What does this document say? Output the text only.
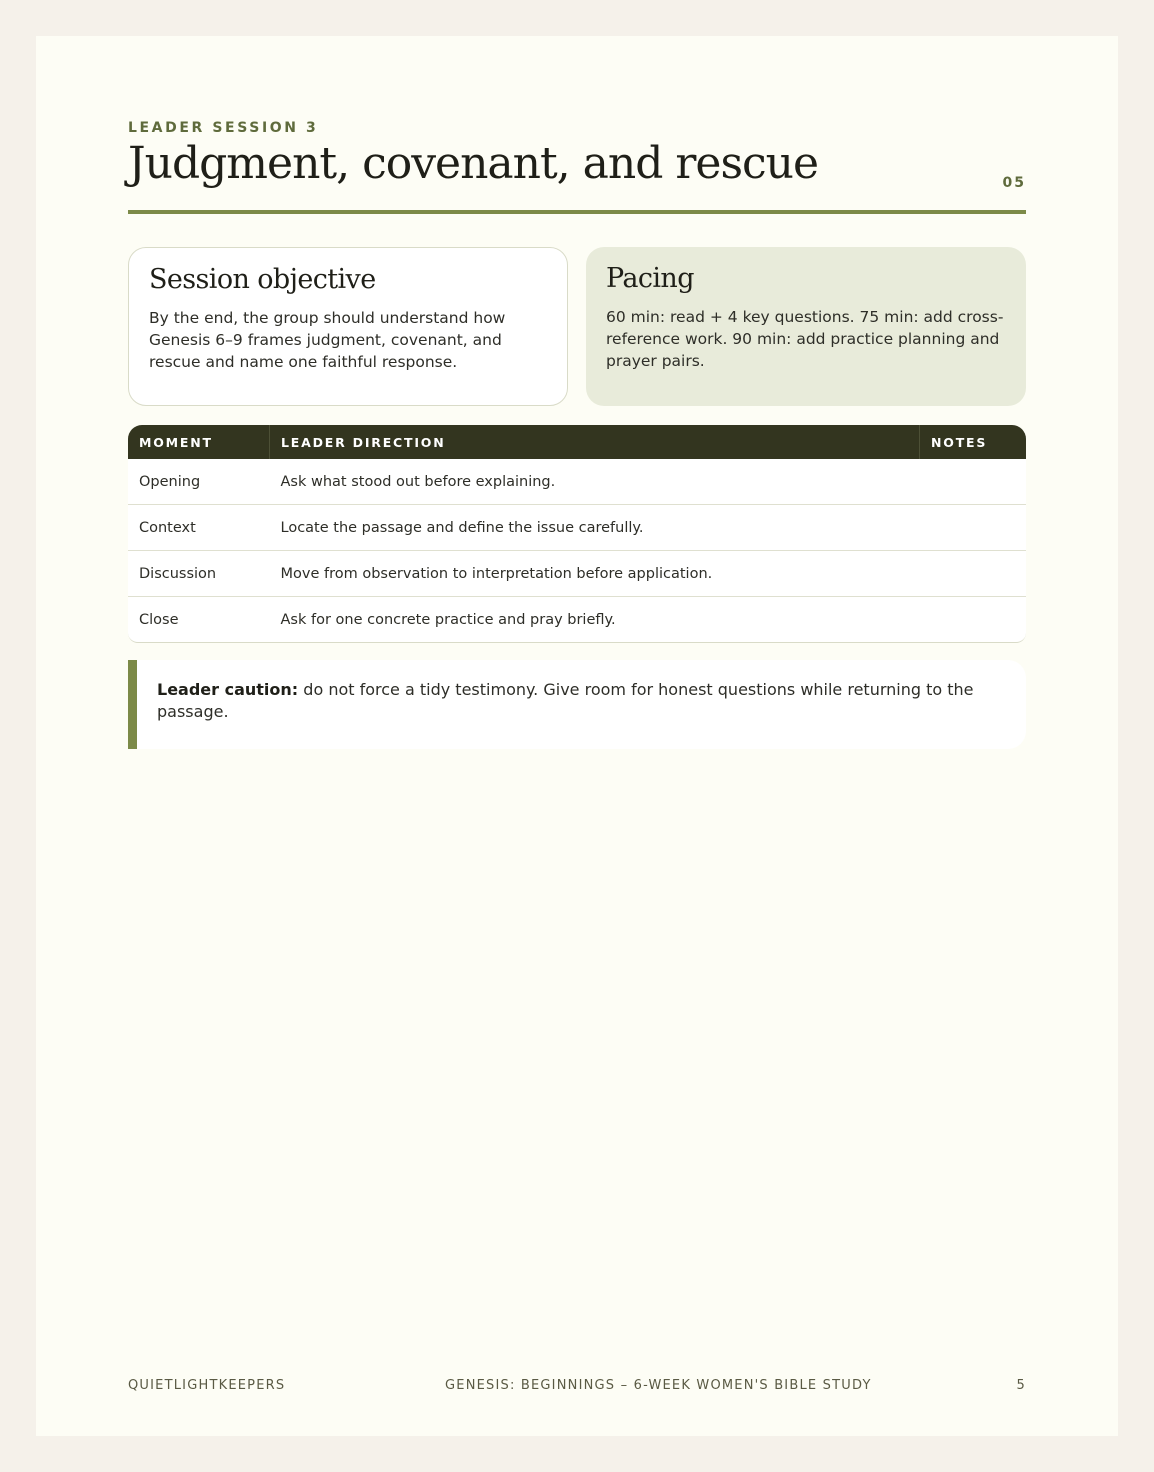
LEADER SESSION 3
Judgment, covenant, and rescue	05
Session objective

By the end, the group should understand how Genesis 6–9 frames judgment, covenant, and rescue and name one faithful response.

Pacing

60 min: read + 4 key questions. 75 min: add cross-reference work. 90 min: add practice planning and prayer pairs.

MOMENT	LEADER DIRECTION	NOTES
Opening	Ask what stood out before explaining.	
Context	Locate the passage and define the issue carefully.	
Discussion	Move from observation to interpretation before application.	
Close	Ask for one concrete practice and pray briefly.	
Leader caution: do not force a tidy testimony. Give room for honest questions while returning to the passage.
QUIETLIGHTKEEPERS	GENESIS: BEGINNINGS – 6-WEEK WOMEN'S BIBLE STUDY	5
